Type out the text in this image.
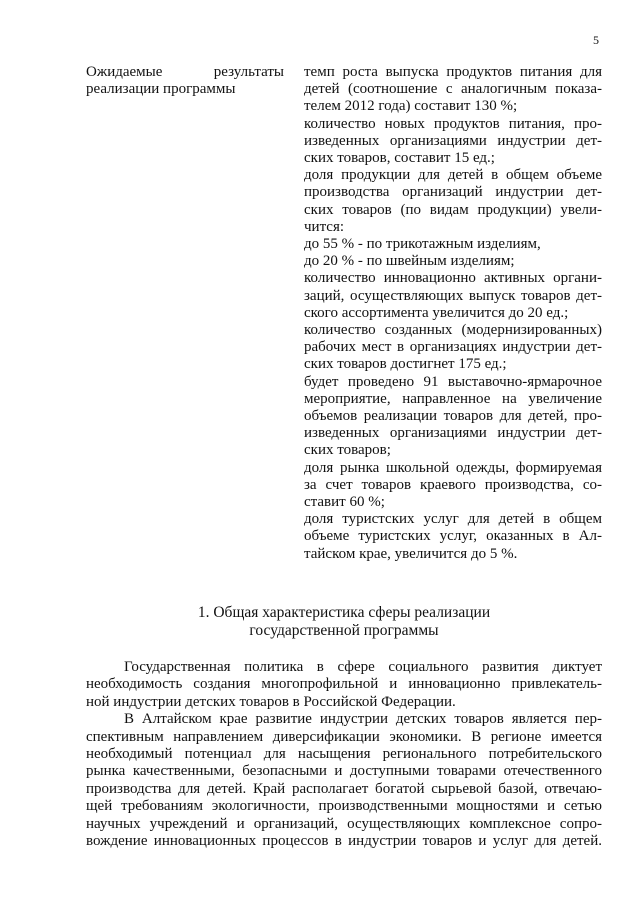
5
Ожидаемые результаты реализации программы
темп роста выпуска продуктов питания для
детей (соотношение с аналогичным показа-
телем 2012 года) составит 130 %;
количество новых продуктов питания, про-
изведенных организациями индустрии дет-
ских товаров, составит 15 ед.;
доля продукции для детей в общем объеме
производства организаций индустрии дет-
ских товаров (по видам продукции) увели-
чится:
до 55 % - по трикотажным изделиям,
до 20 % - по швейным изделиям;
количество инновационно активных органи-
заций, осуществляющих выпуск товаров дет-
ского ассортимента увеличится до 20 ед.;
количество созданных (модернизированных)
рабочих мест в организациях индустрии дет-
ских товаров достигнет 175 ед.;
будет проведено 91 выставочно-ярмарочное
мероприятие, направленное на увеличение
объемов реализации товаров для детей, про-
изведенных организациями индустрии дет-
ских товаров;
доля рынка школьной одежды, формируемая
за счет товаров краевого производства, со-
ставит 60 %;
доля туристских услуг для детей в общем
объеме туристских услуг, оказанных в Ал-
тайском крае, увеличится до 5 %.
1. Общая характеристика сферы реализации
государственной программы
Государственная политика в сфере социального развития диктует
необходимость создания многопрофильной и инновационно привлекатель-
ной индустрии детских товаров в Российской Федерации.
В Алтайском крае развитие индустрии детских товаров является пер-
спективным направлением диверсификации экономики. В регионе имеется
необходимый потенциал для насыщения регионального потребительского
рынка качественными, безопасными и доступными товарами отечественного
производства для детей. Край располагает богатой сырьевой базой, отвечаю-
щей требованиям экологичности, производственными мощностями и сетью
научных учреждений и организаций, осуществляющих комплексное сопро-
вождение инновационных процессов в индустрии товаров и услуг для детей.
